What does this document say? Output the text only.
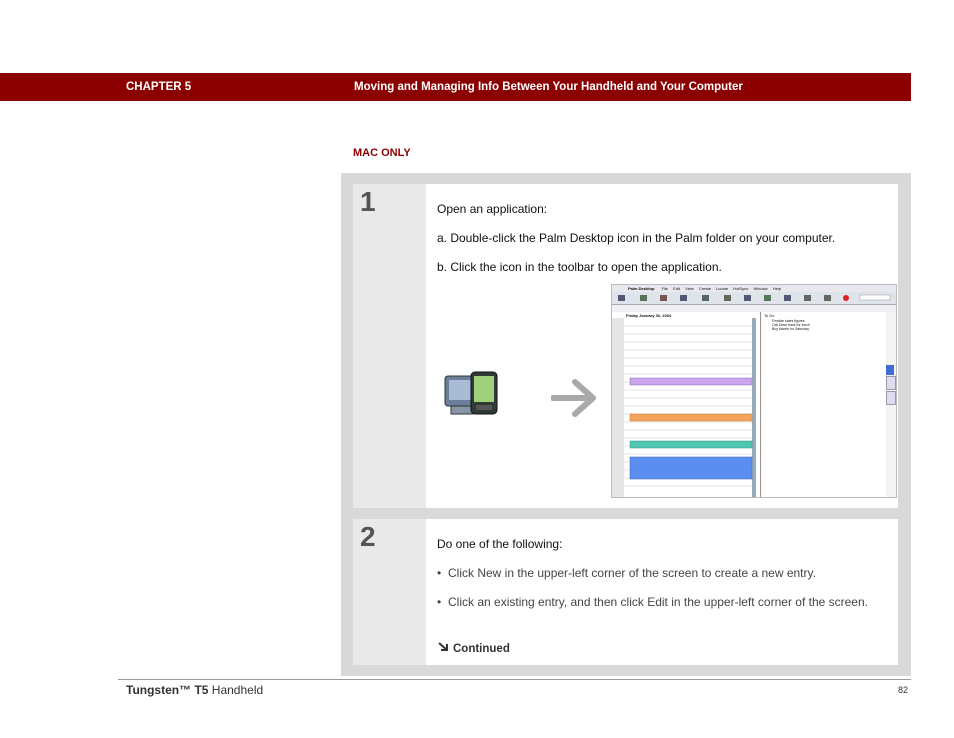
CHAPTER 5	Moving and Managing Info Between Your Handheld and Your Computer
MAC ONLY
1	Open an application:
a. Double-click the Palm Desktop icon in the Palm folder on your computer.
b. Click the icon in the toolbar to open the application.
Palm Desktop File Edit View Create Locate HotSync Window Help
Friday January 30, 2004	To Do
Finalize sales figures
Call Dave back for lunch
Buy tickets for Saturday
2	Do one of the following:
• Click New in the upper-left corner of the screen to create a new entry.
• Click an existing entry, and then click Edit in the upper-left corner of the screen.
Continued
Tungsten™ T5 Handheld	82
